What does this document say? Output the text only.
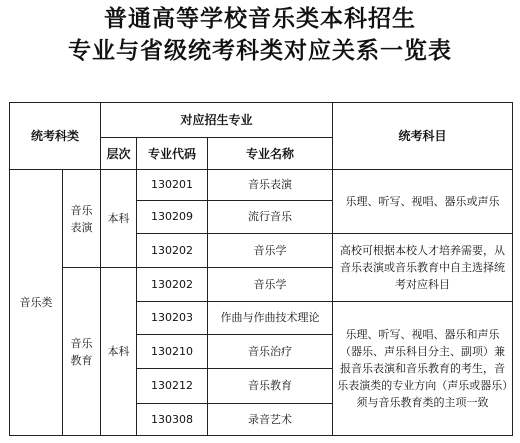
普通高等学校音乐类本科招生
专业与省级统考科类对应关系一览表
统考科类		对应招生专业			统考科目
		层次	专业代码	专业名称	
音乐类	音乐表演	本科	130201	音乐表演	乐理、听写、视唱、器乐或声乐
			130209	流行音乐	
			130202	音乐学	高校可根据本校人才培养需要，从音乐表演或音乐教育中自主选择统考对应科目
	音乐教育	本科	130202	音乐学	
			130203	作曲与作曲技术理论	乐理、听写、视唱、器乐和声乐（器乐、声乐科目分主、副项）兼报音乐表演和音乐教育的考生，音乐表演类的专业方向（声乐或器乐）须与音乐教育类的主项一致
			130210	音乐治疗	
			130212	音乐教育	
			130308	录音艺术	
